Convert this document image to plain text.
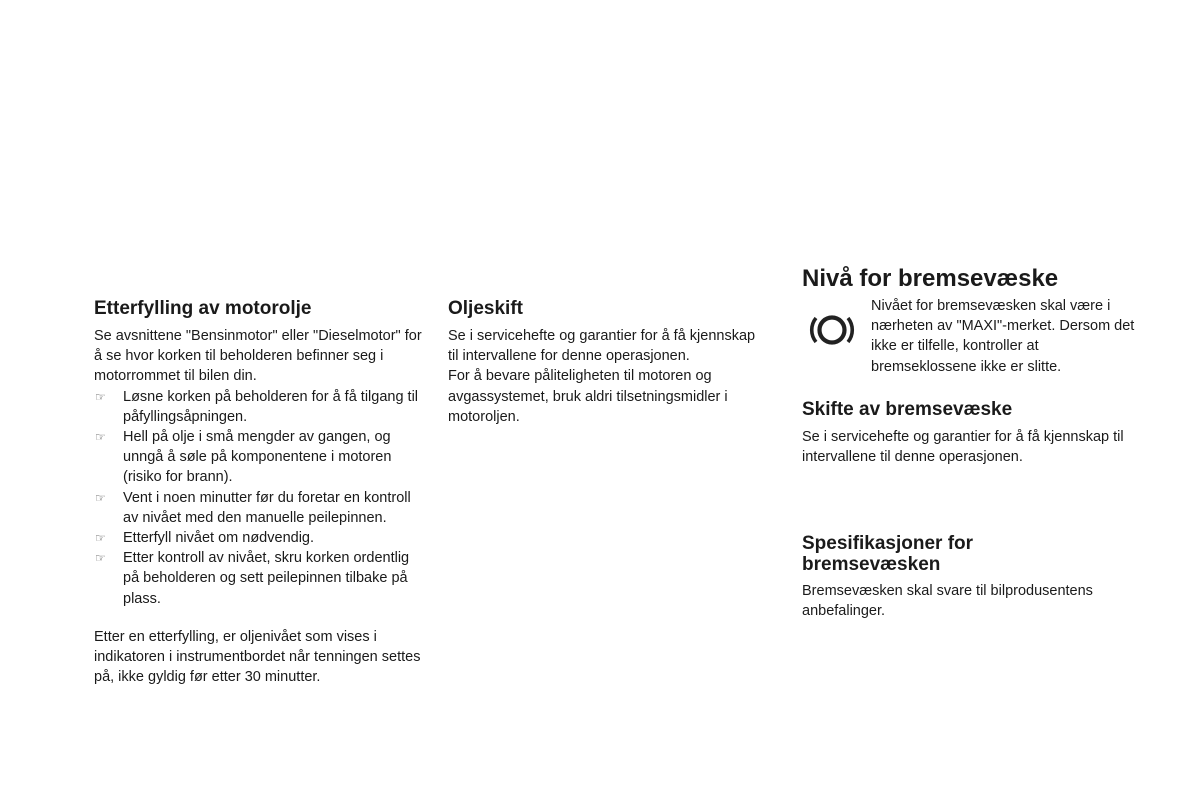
Etterfylling av motorolje

Se avsnittene "Bensinmotor" eller "Dieselmotor" for å se hvor korken til beholderen befinner seg i motorrommet til bilen din.

☞ Løsne korken på beholderen for å få tilgang til påfyllingsåpningen.
☞ Hell på olje i små mengder av gangen, og unngå å søle på komponentene i motoren (risiko for brann).
☞ Vent i noen minutter før du foretar en kontroll av nivået med den manuelle peilepinnen.
☞ Etterfyll nivået om nødvendig.
☞ Etter kontroll av nivået, skru korken ordentlig på beholderen og sett peilepinnen tilbake på plass.

Etter en etterfylling, er oljenivået som vises i indikatoren i instrumentbordet når tenningen settes på, ikke gyldig før etter 30 minutter.

Oljeskift

Se i servicehefte og garantier for å få kjennskap til intervallene for denne operasjonen.

For å bevare påliteligheten til motoren og avgassystemet, bruk aldri tilsetningsmidler i motoroljen.

Nivå for bremsevæske

Nivået for bremsevæsken skal være i nærheten av "MAXI"-merket. Dersom det ikke er tilfelle, kontroller at bremseklossene ikke er slitte.

Skifte av bremsevæske

Se i servicehefte og garantier for å få kjennskap til intervallene til denne operasjonen.

Spesifikasjoner for
bremsevæsken

Bremsevæsken skal svare til bilprodusentens anbefalinger.
